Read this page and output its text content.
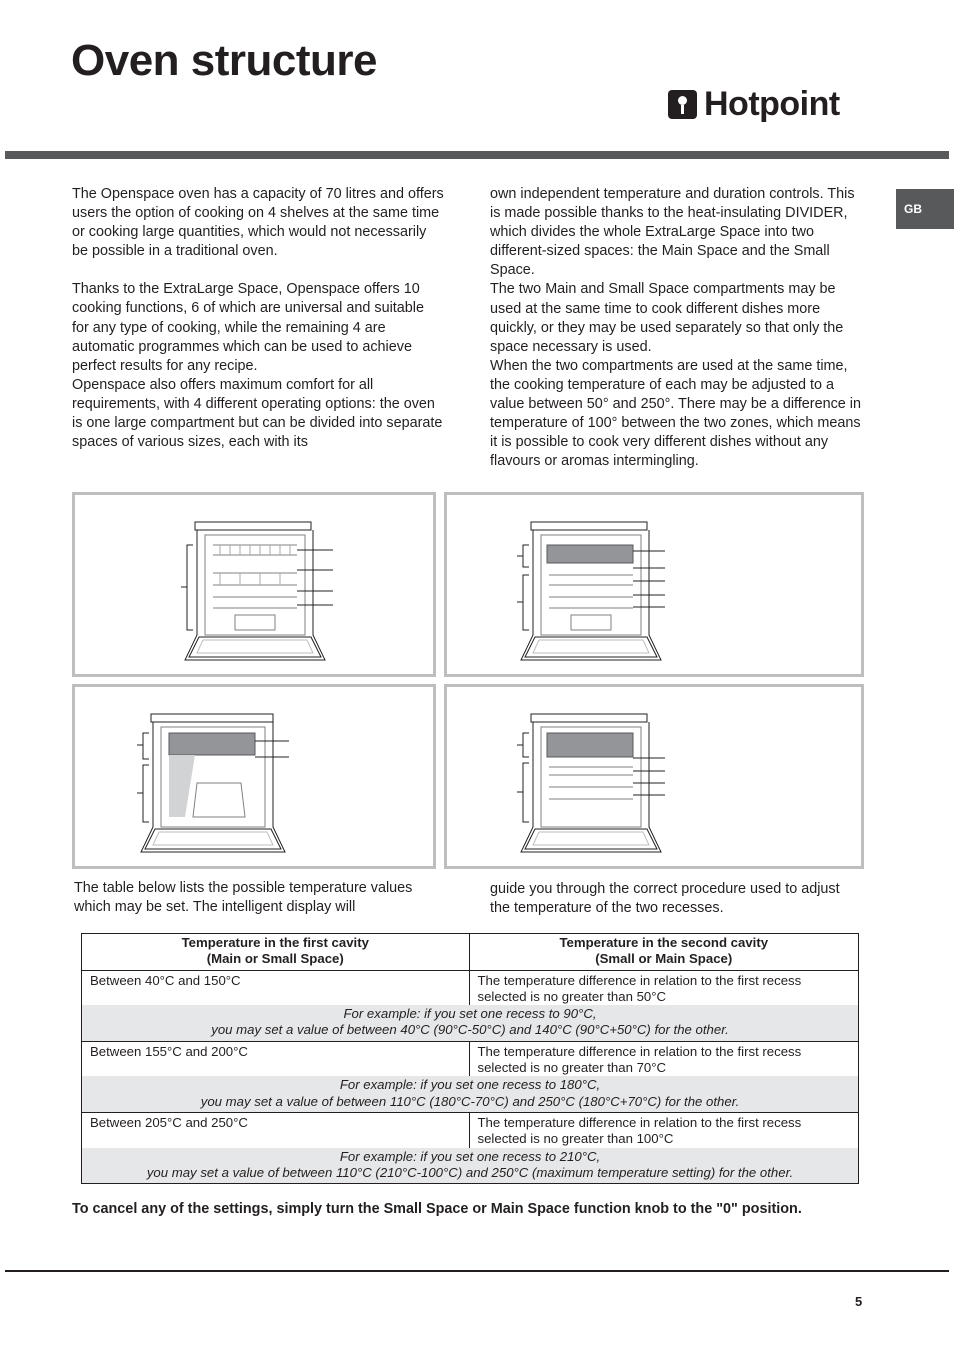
Oven structure
Hotpoint
GB

The Openspace oven has a capacity of 70 litres and offers users the option of cooking on 4 shelves at the same time or cooking large quantities, which would not necessarily be possible in a traditional oven.

Thanks to the ExtraLarge Space, Openspace offers 10 cooking functions, 6 of which are universal and suitable for any type of cooking, while the remaining 4 are automatic programmes which can be used to achieve perfect results for any recipe.

Openspace also offers maximum comfort for all requirements, with 4 different operating options: the oven is one large compartment but can be divided into separate spaces of various sizes, each with its

own independent temperature and duration controls. This is made possible thanks to the heat-insulating DIVIDER, which divides the whole ExtraLarge Space into two different-sized spaces: the Main Space and the Small Space.

The two Main and Small Space compartments may be used at the same time to cook different dishes more quickly, or they may be used separately so that only the space necessary is used.

When the two compartments are used at the same time, the cooking temperature of each may be adjusted to a value between 50° and 250°. There may be a difference in temperature of 100° between the two zones, which means it is possible to cook very different dishes without any flavours or aromas intermingling.

The table below lists the possible temperature values which may be set. The intelligent display will
guide you through the correct procedure used to adjust the temperature of the two recesses.
Temperature in the first cavity
(Main or Small Space)	Temperature in the second cavity
(Small or Main Space)
Between 40°C and 150°C	The temperature difference in relation to the first recess selected is no greater than 50°C
For example: if you set one recess to 90°C,
you may set a value of between 40°C (90°C-50°C) and 140°C (90°C+50°C) for the other.	
Between 155°C and 200°C	The temperature difference in relation to the first recess selected is no greater than 70°C
For example: if you set one recess to 180°C,
you may set a value of between 110°C (180°C-70°C) and 250°C (180°C+70°C) for the other.	
Between 205°C and 250°C	The temperature difference in relation to the first recess selected is no greater than 100°C
For example: if you set one recess to 210°C,
you may set a value of between 110°C (210°C-100°C) and 250°C (maximum temperature setting) for the other.	
To cancel any of the settings, simply turn the Small Space or Main Space function knob to the "0" position.
5
